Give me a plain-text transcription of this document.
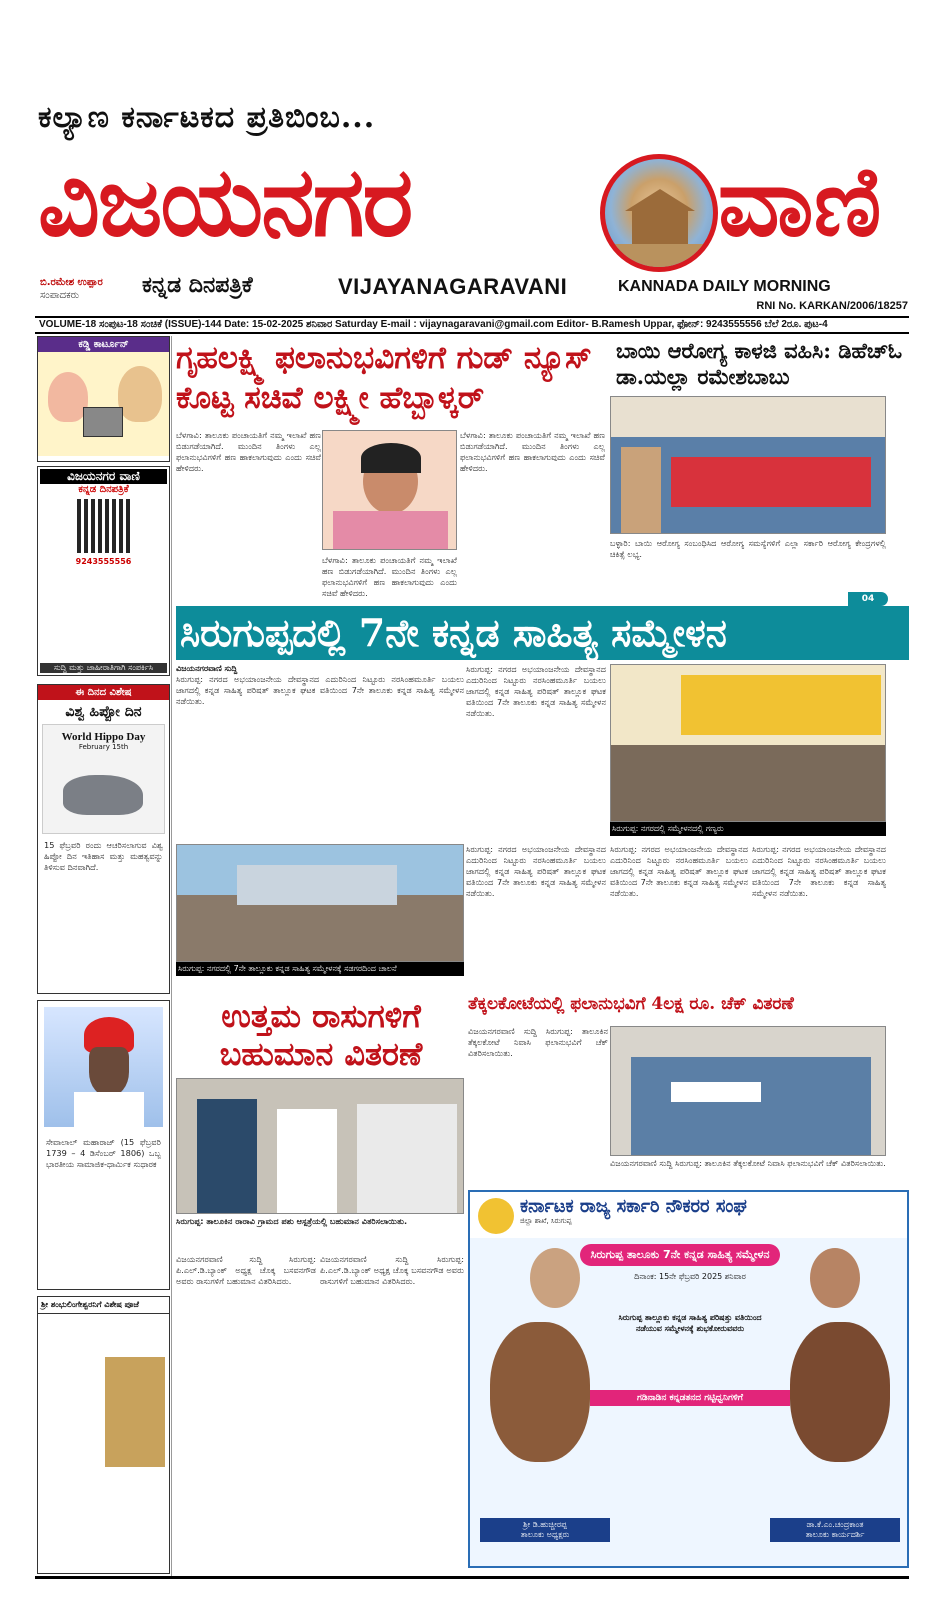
ಕಲ್ಯಾಣ ಕರ್ನಾಟಕದ ಪ್ರತಿಬಿಂಬ...
ವಿಜಯನಗರ	ವಾಣಿ
ಬಿ.ರಮೇಶ ಉಪ್ಪಾರ
ಸಂಪಾದಕರು	ಕನ್ನಡ ದಿನಪತ್ರಿಕೆ	VIJAYANAGARAVANI	KANNADA DAILY MORNING
RNI No. KARKAN/2006/18257
VOLUME-18 ಸಂಪುಟ-18 ಸಂಚಿಕೆ (ISSUE)-144 Date: 15-02-2025 ಶನಿವಾರ Saturday E-mail : vijaynagaravani@gmail.com Editor- B.Ramesh Uppar, ಫೋನ್: 9243555556 ಬೆಲೆ 2ರೂ. ಪುಟ-4
ಕಡ್ಡಿ ಕಾರ್ಟೂನ್
ವಿಜಯನಗರ ವಾಣಿ
ಕನ್ನಡ ದಿನಪತ್ರಿಕೆ
9243555556
ಸುದ್ದಿ ಮತ್ತು ಜಾಹೀರಾತಿಗಾಗಿ ಸಂಪರ್ಕಿಸಿ
ಈ ದಿನದ ವಿಶೇಷ
ವಿಶ್ವ ಹಿಪ್ಪೋ ದಿನ
World Hippo Day
February 15th
15 ಫೆಬ್ರವರಿ ರಂದು ಆಚರಿಸಲಾಗುವ ವಿಶ್ವ ಹಿಪ್ಪೋ ದಿನ ಇತಿಹಾಸ ಮತ್ತು ಮಹತ್ವವನ್ನು ತಿಳಿಸುವ ದಿನವಾಗಿದೆ.
ಸೇವಾಲಾಲ್ ಮಹಾರಾಜ್ (15 ಫೆಬ್ರವರಿ 1739 – 4 ಡಿಸೆಂಬರ್ 1806) ಒಬ್ಬ ಭಾರತೀಯ ಸಾಮಾಜಿಕ-ಧಾರ್ಮಿಕ ಸುಧಾರಕ
ಶ್ರೀ ಶಂಭುಲಿಂಗೇಶ್ವರನಿಗೆ ವಿಶೇಷ ಪೂಜೆ
ಗೃಹಲಕ್ಷ್ಮಿ ಫಲಾನುಭವಿಗಳಿಗೆ ಗುಡ್ ನ್ಯೂಸ್ ಕೊಟ್ಟ ಸಚಿವೆ ಲಕ್ಷ್ಮೀ ಹೆಬ್ಬಾಳ್ಕರ್
ಬೆಳಗಾವಿ: ತಾಲೂಕು ಪಂಚಾಯತಿಗೆ ನಮ್ಮ ಇಲಾಖೆ ಹಣ ಬಿಡುಗಡೆಯಾಗಿದೆ. ಮುಂದಿನ ತಿಂಗಳು ಎಲ್ಲ ಫಲಾನುಭವಿಗಳಿಗೆ ಹಣ ಹಾಕಲಾಗುವುದು ಎಂದು ಸಚಿವೆ ಹೇಳಿದರು.
ಬೆಳಗಾವಿ: ತಾಲೂಕು ಪಂಚಾಯತಿಗೆ ನಮ್ಮ ಇಲಾಖೆ ಹಣ ಬಿಡುಗಡೆಯಾಗಿದೆ. ಮುಂದಿನ ತಿಂಗಳು ಎಲ್ಲ ಫಲಾನುಭವಿಗಳಿಗೆ ಹಣ ಹಾಕಲಾಗುವುದು ಎಂದು ಸಚಿವೆ ಹೇಳಿದರು.
ಬೆಳಗಾವಿ: ತಾಲೂಕು ಪಂಚಾಯತಿಗೆ ನಮ್ಮ ಇಲಾಖೆ ಹಣ ಬಿಡುಗಡೆಯಾಗಿದೆ. ಮುಂದಿನ ತಿಂಗಳು ಎಲ್ಲ ಫಲಾನುಭವಿಗಳಿಗೆ ಹಣ ಹಾಕಲಾಗುವುದು ಎಂದು ಸಚಿವೆ ಹೇಳಿದರು.
ಬಾಯಿ ಆರೋಗ್ಯ ಕಾಳಜಿ ವಹಿಸಿ: ಡಿಹೆಚ್‌ಓ ಡಾ.ಯಲ್ಲಾ ರಮೇಶಬಾಬು
ಬಳ್ಳಾರಿ: ಬಾಯಿ ಆರೋಗ್ಯ ಸಂಬಂಧಿಸಿದ ಆರೋಗ್ಯ ಸಮಸ್ಯೆಗಳಿಗೆ ಎಲ್ಲಾ ಸರ್ಕಾರಿ ಆರೋಗ್ಯ ಕೇಂದ್ರಗಳಲ್ಲಿ ಚಿಕಿತ್ಸೆ ಲಭ್ಯ.
04
ಸಿರುಗುಪ್ಪದಲ್ಲಿ 7ನೇ ಕನ್ನಡ ಸಾಹಿತ್ಯ ಸಮ್ಮೇಳನ
ವಿಜಯನಗರವಾಣಿ ಸುದ್ದಿ
ಸಿರುಗುಪ್ಪ: ನಗರದ ಅಭಯಾಂಜನೇಯ ದೇವಸ್ಥಾನದ ಎದುರಿನಿಂದ ನಿಟ್ಟೂರು ನರಸಿಂಹಮೂರ್ತಿ ಬಯಲು ಜಾಗದಲ್ಲಿ ಕನ್ನಡ ಸಾಹಿತ್ಯ ಪರಿಷತ್ ತಾಲ್ಲೂಕ ಘಟಕ ವತಿಯಿಂದ 7ನೇ ತಾಲೂಕು ಕನ್ನಡ ಸಾಹಿತ್ಯ ಸಮ್ಮೇಳನ ನಡೆಯಿತು.
ಸಿರುಗುಪ್ಪ: ನಗರದ ಅಭಯಾಂಜನೇಯ ದೇವಸ್ಥಾನದ ಎದುರಿನಿಂದ ನಿಟ್ಟೂರು ನರಸಿಂಹಮೂರ್ತಿ ಬಯಲು ಜಾಗದಲ್ಲಿ ಕನ್ನಡ ಸಾಹಿತ್ಯ ಪರಿಷತ್ ತಾಲ್ಲೂಕ ಘಟಕ ವತಿಯಿಂದ 7ನೇ ತಾಲೂಕು ಕನ್ನಡ ಸಾಹಿತ್ಯ ಸಮ್ಮೇಳನ ನಡೆಯಿತು.
ಸಿರುಗುಪ್ಪ: ನಗರದಲ್ಲಿ ಸಮ್ಮೇಳನದಲ್ಲಿ ಗಣ್ಯರು
ಸಿರುಗುಪ್ಪ: ನಗರದಲ್ಲಿ 7ನೇ ತಾಲ್ಲೂಕು ಕನ್ನಡ ಸಾಹಿತ್ಯ ಸಮ್ಮೇಳನಕ್ಕೆ ಸಡಗರದಿಂದ ಚಾಲನೆ
ಸಿರುಗುಪ್ಪ: ನಗರದ ಅಭಯಾಂಜನೇಯ ದೇವಸ್ಥಾನದ ಎದುರಿನಿಂದ ನಿಟ್ಟೂರು ನರಸಿಂಹಮೂರ್ತಿ ಬಯಲು ಜಾಗದಲ್ಲಿ ಕನ್ನಡ ಸಾಹಿತ್ಯ ಪರಿಷತ್ ತಾಲ್ಲೂಕ ಘಟಕ ವತಿಯಿಂದ 7ನೇ ತಾಲೂಕು ಕನ್ನಡ ಸಾಹಿತ್ಯ ಸಮ್ಮೇಳನ ನಡೆಯಿತು.
ಸಿರುಗುಪ್ಪ: ನಗರದ ಅಭಯಾಂಜನೇಯ ದೇವಸ್ಥಾನದ ಎದುರಿನಿಂದ ನಿಟ್ಟೂರು ನರಸಿಂಹಮೂರ್ತಿ ಬಯಲು ಜಾಗದಲ್ಲಿ ಕನ್ನಡ ಸಾಹಿತ್ಯ ಪರಿಷತ್ ತಾಲ್ಲೂಕ ಘಟಕ ವತಿಯಿಂದ 7ನೇ ತಾಲೂಕು ಕನ್ನಡ ಸಾಹಿತ್ಯ ಸಮ್ಮೇಳನ ನಡೆಯಿತು.
ಸಿರುಗುಪ್ಪ: ನಗರದ ಅಭಯಾಂಜನೇಯ ದೇವಸ್ಥಾನದ ಎದುರಿನಿಂದ ನಿಟ್ಟೂರು ನರಸಿಂಹಮೂರ್ತಿ ಬಯಲು ಜಾಗದಲ್ಲಿ ಕನ್ನಡ ಸಾಹಿತ್ಯ ಪರಿಷತ್ ತಾಲ್ಲೂಕ ಘಟಕ ವತಿಯಿಂದ 7ನೇ ತಾಲೂಕು ಕನ್ನಡ ಸಾಹಿತ್ಯ ಸಮ್ಮೇಳನ ನಡೆಯಿತು.
ಉತ್ತಮ ರಾಸುಗಳಿಗೆ ಬಹುಮಾನ ವಿತರಣೆ
ಸಿರುಗುಪ್ಪ: ತಾಲೂಕಿನ ರಾರಾವಿ ಗ್ರಾಮದ ಪಶು ಆಸ್ಪತ್ರೆಯಲ್ಲಿ ಬಹುಮಾನ ವಿತರಿಸಲಾಯಿತು.
ವಿಜಯನಗರವಾಣಿ ಸುದ್ದಿ ಸಿರುಗುಪ್ಪ: ಪಿ.ಎಲ್.ಡಿ.ಬ್ಯಾಂಕ್ ಅಧ್ಯಕ್ಷ ಚೊಕ್ಕ ಬಸವನಗೌಡ ಅವರು ರಾಸುಗಳಿಗೆ ಬಹುಮಾನ ವಿತರಿಸಿದರು.
ವಿಜಯನಗರವಾಣಿ ಸುದ್ದಿ ಸಿರುಗುಪ್ಪ: ಪಿ.ಎಲ್.ಡಿ.ಬ್ಯಾಂಕ್ ಅಧ್ಯಕ್ಷ ಚೊಕ್ಕ ಬಸವನಗೌಡ ಅವರು ರಾಸುಗಳಿಗೆ ಬಹುಮಾನ ವಿತರಿಸಿದರು.
ತೆಕ್ಕಲಕೋಟೆಯಲ್ಲಿ ಫಲಾನುಭವಿಗೆ 4ಲಕ್ಷ ರೂ. ಚೆಕ್ ವಿತರಣೆ
ವಿಜಯನಗರವಾಣಿ ಸುದ್ದಿ ಸಿರುಗುಪ್ಪ: ತಾಲೂಕಿನ ತೆಕ್ಕಲಕೋಟೆ ನಿವಾಸಿ ಫಲಾನುಭವಿಗೆ ಚೆಕ್ ವಿತರಿಸಲಾಯಿತು.
ವಿಜಯನಗರವಾಣಿ ಸುದ್ದಿ ಸಿರುಗುಪ್ಪ: ತಾಲೂಕಿನ ತೆಕ್ಕಲಕೋಟೆ ನಿವಾಸಿ ಫಲಾನುಭವಿಗೆ ಚೆಕ್ ವಿತರಿಸಲಾಯಿತು.
ಕರ್ನಾಟಕ ರಾಜ್ಯ ಸರ್ಕಾರಿ ನೌಕರರ ಸಂಘ
ಜಿಲ್ಲಾ ಶಾಖೆ, ಸಿರುಗುಪ್ಪ
ಸಿರುಗುಪ್ಪ ತಾಲೂಕು 7ನೇ ಕನ್ನಡ ಸಾಹಿತ್ಯ ಸಮ್ಮೇಳನ
ದಿನಾಂಕ: 15ನೇ ಫೆಬ್ರವರಿ 2025 ಶನಿವಾರ
ಸಿರುಗುಪ್ಪ ತಾಲ್ಲೂಕು ಕನ್ನಡ ಸಾಹಿತ್ಯ ಪರಿಷತ್ತು ವತಿಯಿಂದ ನಡೆಯುವ ಸಮ್ಮೇಳನಕ್ಕೆ ಶುಭಕೋರುವವರು
ಗಡಿನಾಡಿನ ಕನ್ನಡತನದ ಗಟ್ಟಿಧ್ವನಿಗಳಿಗೆ
ಶ್ರೀ ಡಿ.ಹುಚ್ಚೀರಪ್ಪ
ತಾಲೂಕು ಅಧ್ಯಕ್ಷರು
ಡಾ.ಕೆ.ಎಂ.ಚಂದ್ರಕಾಂತ
ತಾಲೂಕು ಕಾರ್ಯದರ್ಶಿ
